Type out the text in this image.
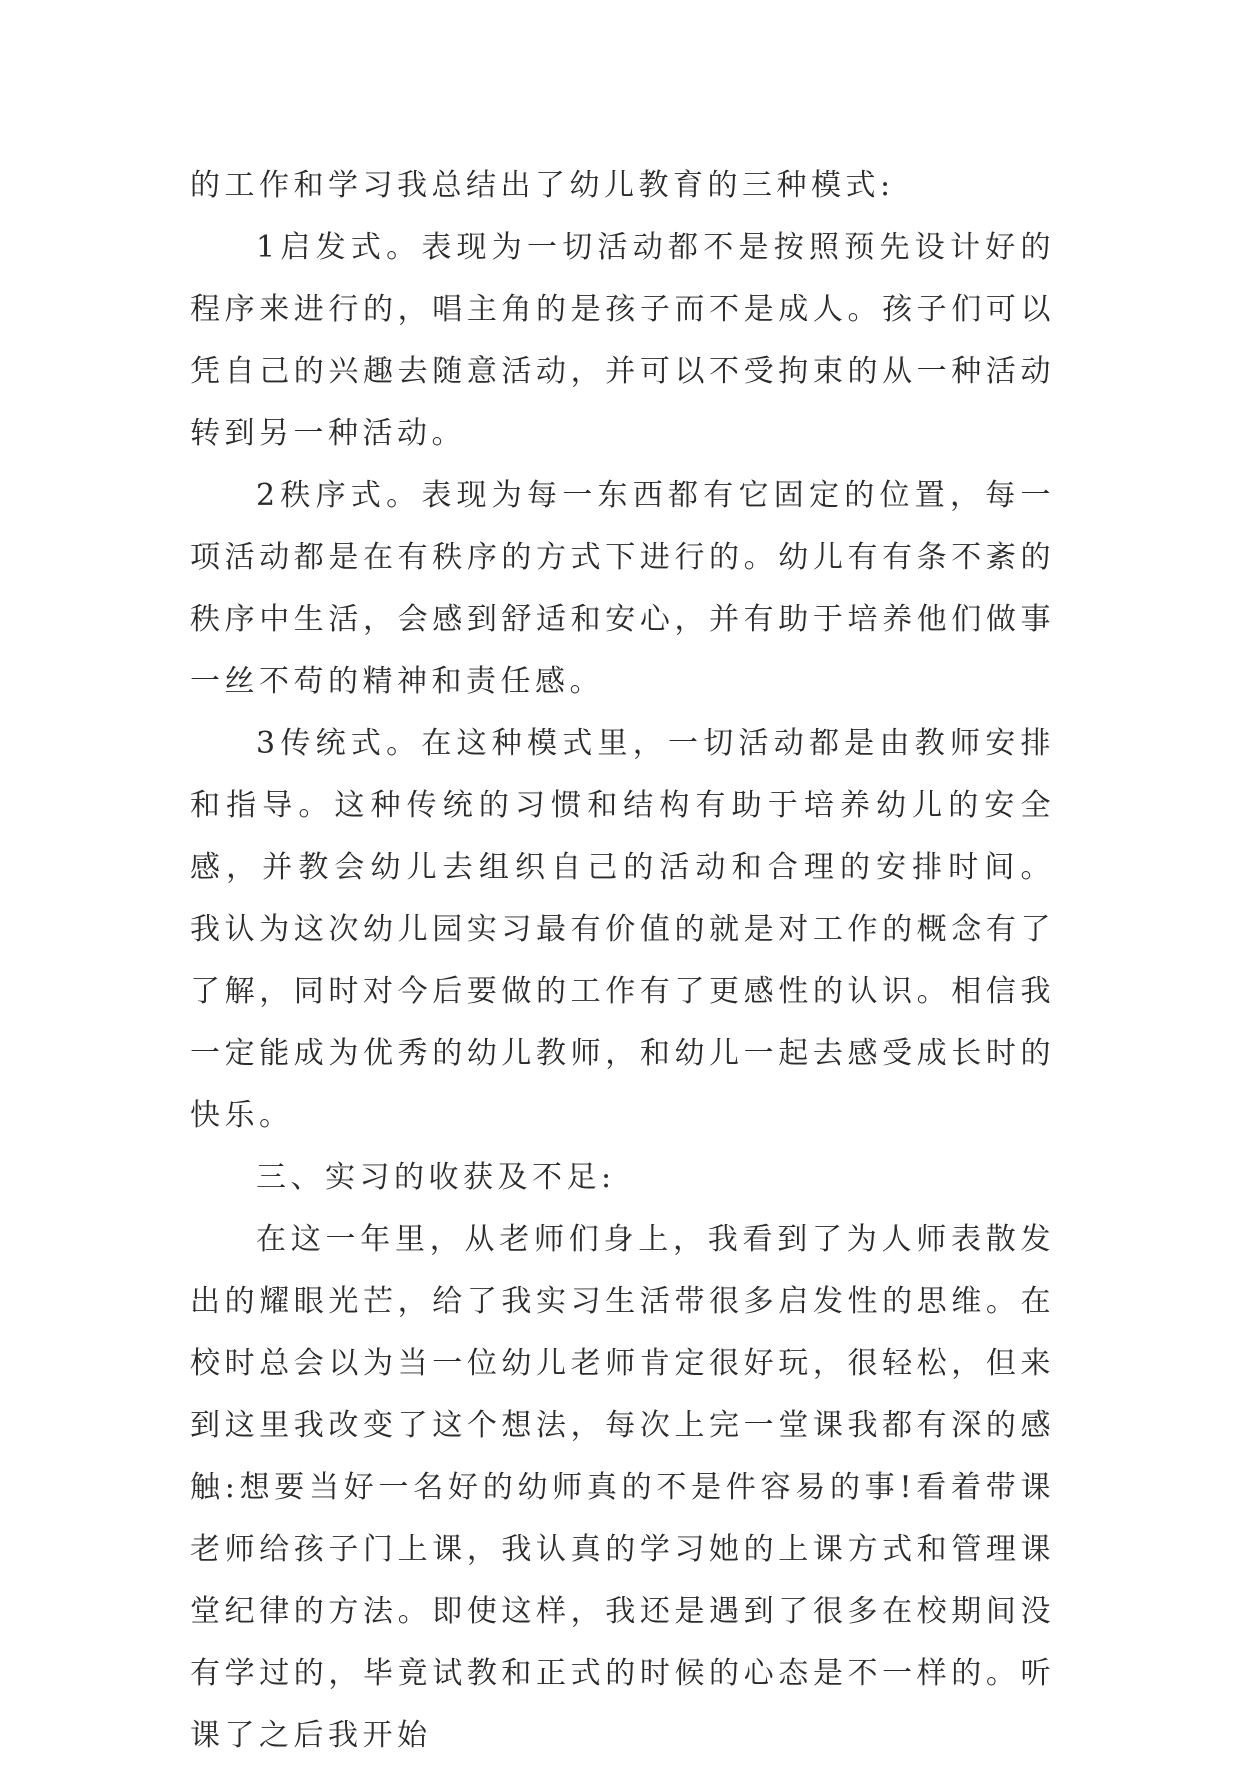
的工作和学习我总结出了幼儿教育的三种模式:

1启发式。表现为一切活动都不是按照预先设计好的程序来进行的，唱主角的是孩子而不是成人。孩子们可以凭自己的兴趣去随意活动，并可以不受拘束的从一种活动转到另一种活动。

2秩序式。表现为每一东西都有它固定的位置，每一项活动都是在有秩序的方式下进行的。幼儿有有条不紊的秩序中生活，会感到舒适和安心，并有助于培养他们做事一丝不苟的精神和责任感。

3传统式。在这种模式里，一切活动都是由教师安排和指导。这种传统的习惯和结构有助于培养幼儿的安全感，并教会幼儿去组织自己的活动和合理的安排时间。 我认为这次幼儿园实习最有价值的就是对工作的概念有了了解，同时对今后要做的工作有了更感性的认识。相信我一定能成为优秀的幼儿教师，和幼儿一起去感受成长时的快乐。

三、实习的收获及不足:

在这一年里，从老师们身上，我看到了为人师表散发出的耀眼光芒，给了我实习生活带很多启发性的思维。在校时总会以为当一位幼儿老师肯定很好玩，很轻松，但来到这里我改变了这个想法，每次上完一堂课我都有深的感触:想要当好一名好的幼师真的不是件容易的事!看着带课老师给孩子门上课，我认真的学习她的上课方式和管理课堂纪律的方法。即使这样，我还是遇到了很多在校期间没有学过的，毕竟试教和正式的时候的心态是不一样的。听课了之后我开始
